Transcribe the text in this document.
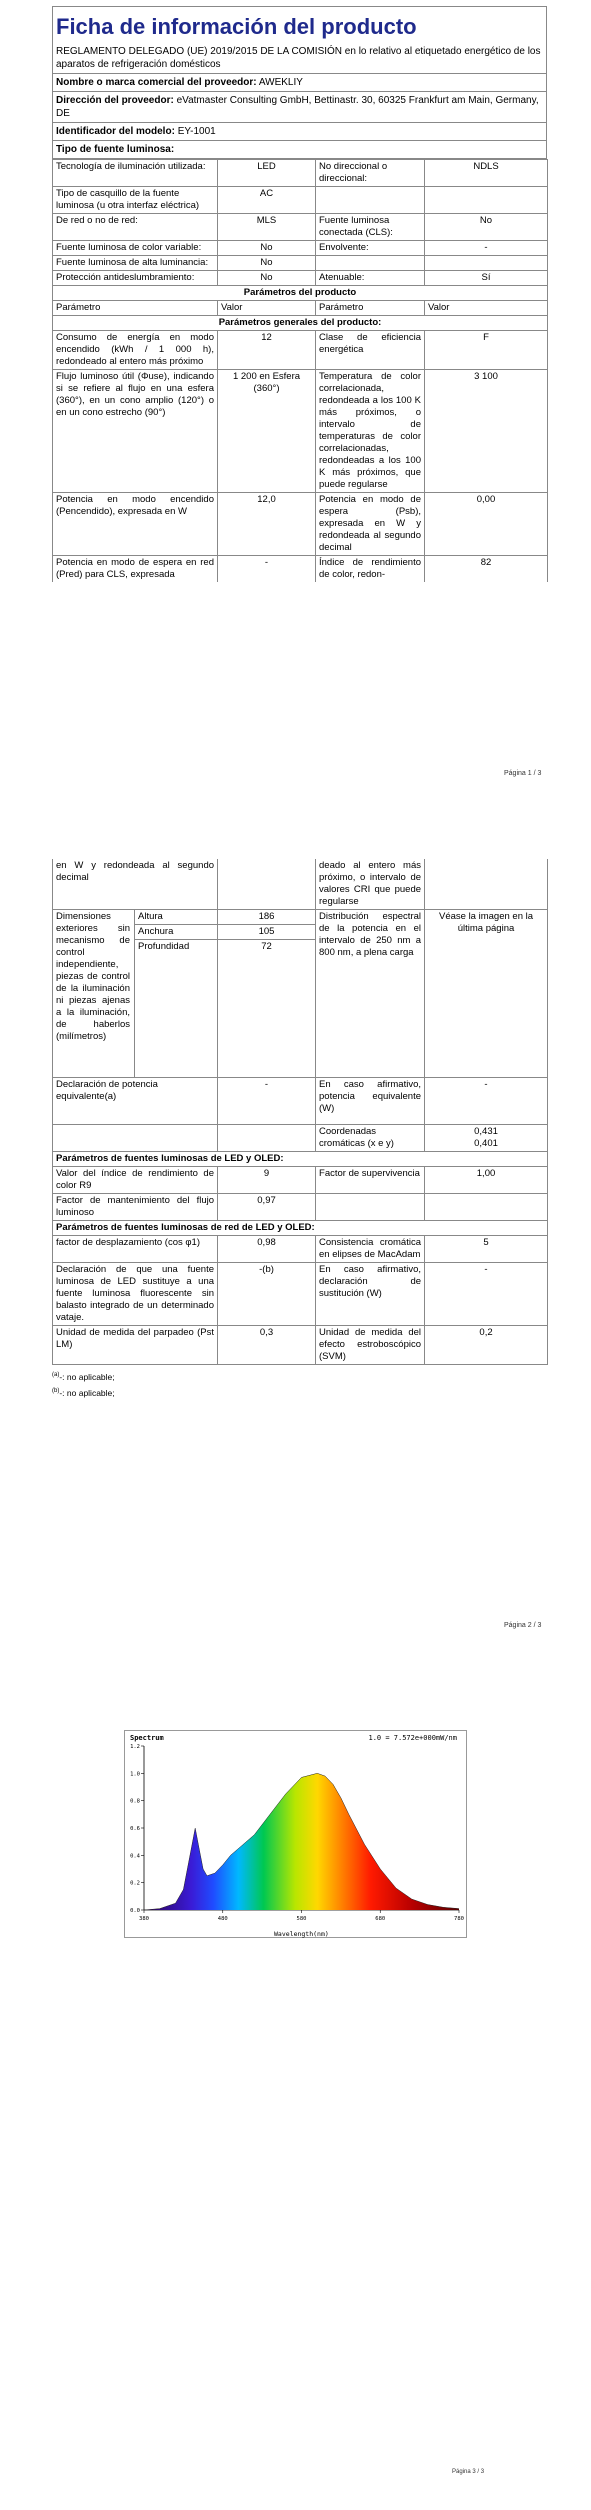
Ficha de información del producto
REGLAMENTO DELEGADO (UE) 2019/2015 DE LA COMISIÓN en lo relativo al etiquetado energético de los aparatos de refrigeración domésticos
Nombre o marca comercial del proveedor: AWEKLIY
Dirección del proveedor: eVatmaster Consulting GmbH, Bettinastr. 30, 60325 Frankfurt am Main, Germany, DE
Identificador del modelo: EY-1001
Tipo de fuente luminosa:
Tecnología de iluminación utilizada:	LED	No direccional o direccional:	NDLS
Tipo de casquillo de la fuente luminosa (u otra interfaz eléctrica)	AC		
De red o no de red:	MLS	Fuente luminosa conectada (CLS):	No
Fuente luminosa de color variable:	No	Envolvente:	-
Fuente luminosa de alta luminancia:	No		
Protección antideslumbramiento:	No	Atenuable:	Sí
Parámetros del producto			
Parámetro	Valor	Parámetro	Valor
Parámetros generales del producto:			
Consumo de energía en modo encendido (kWh / 1 000 h), redondeado al entero más próximo	12	Clase de eficiencia energética	F
Flujo luminoso útil (Φuse), indicando si se refiere al flujo en una esfera (360°), en un cono amplio (120°) o en un cono estrecho (90°)	1 200 en Esfera (360°)	Temperatura de color correlacionada, redondeada a los 100 K más próximos, o intervalo de temperaturas de color correlacionadas, redondeadas a los 100 K más próximos, que puede regularse	3 100
Potencia en modo encendido (Pencendido), expresada en W	12,0	Potencia en modo de espera (Psb), expresada en W y redondeada al segundo decimal	0,00
Potencia en modo de espera en red (Pred) para CLS, expresada	-	Índice de rendimiento de color, redon-	82
Página 1 / 3
en W y redondeada al segundo decimal			deado al entero más próximo, o intervalo de valores CRI que puede regularse	
Dimensiones exteriores sin mecanismo de control independiente, piezas de control de la iluminación ni piezas ajenas a la iluminación, de haberlos (milímetros)	Altura	186	Distribución espectral de la potencia en el intervalo de 250 nm a 800 nm, a plena carga	Véase la imagen en la última página
	Anchura	105		
	Profundidad	72		
Declaración de potencia equivalente(a)		-	En caso afirmativo, potencia equivalente (W)	-
			Coordenadas cromáticas (x e y)	0,431
0,401
Parámetros de fuentes luminosas de LED y OLED:				
Valor del índice de rendimiento de color R9		9	Factor de supervivencia	1,00
Factor de mantenimiento del flujo luminoso		0,97		
Parámetros de fuentes luminosas de red de LED y OLED:				
factor de desplazamiento (cos φ1)		0,98	Consistencia cromática en elipses de MacAdam	5
Declaración de que una fuente luminosa de LED sustituye a una fuente luminosa fluorescente sin balasto integrado de un determinado vataje.		-(b)	En caso afirmativo, declaración de sustitución (W)	-
Unidad de medida del parpadeo (Pst LM)		0,3	Unidad de medida del efecto estroboscópico (SVM)	0,2
$^{(a)}$-: no aplicable;
$^{(b)}$-: no aplicable;
Página 2 / 3
1.2
1.0
0.8
0.6
0.4
0.2
0.0
380	480	580	680	780
Spectrum	1.0 = 7.572e+000mW/nm
Wavelength(nm)
Página 3 / 3
